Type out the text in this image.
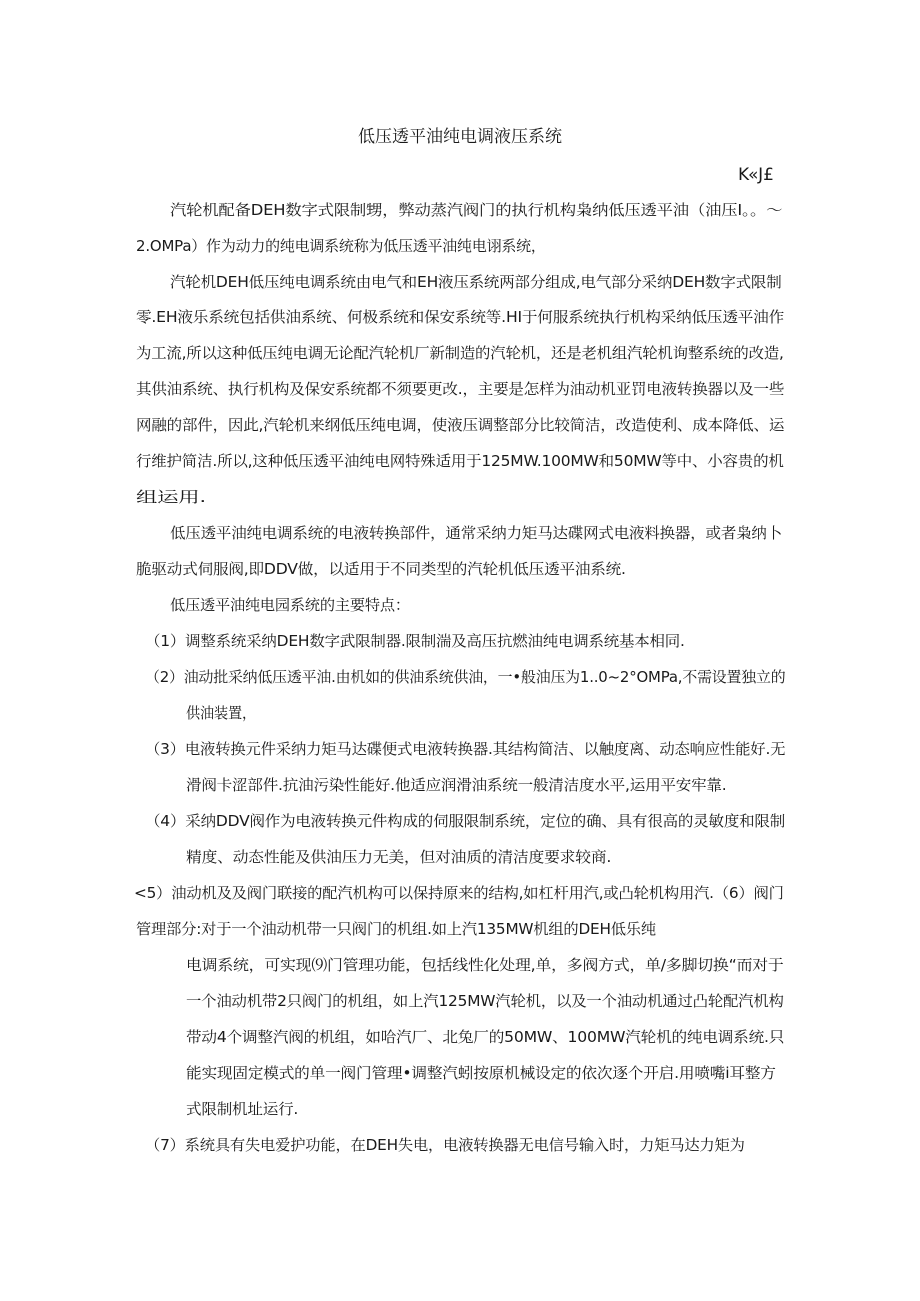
低压透平油纯电调液压系统
K«J£
汽轮机配备DEH数字式限制甥，弊动蒸汽阀门的执行机构枭纳低压透平油（油压I。。〜
2.OMPa）作为动力的纯电调系统称为低压透平油纯电诩系统，
汽轮机DEH低压纯电调系统由电气和EH液压系统两部分组成,电气部分采纳DEH数字式限制
零.EH液乐系统包括供油系统、何极系统和保安系统等.HI于何服系统执行机构采纳低压透平油作
为工流,所以这种低压纯电调无论配汽轮机厂新制造的汽轮机，还是老机组汽轮机询整系统的改造,
其供油系统、执行机构及保安系统都不须要更改.，主要是怎样为油动机亚罚电液转换器以及一些
网融的部件，因此,汽轮机来纲低压纯电调，使液压调整部分比较简洁，改造使利、成本降低、运
行维护简洁.所以,这种低压透平油纯电网特殊适用于125MW.100MW和50MW等中、小容贵的机
组运用.
低压透平油纯电调系统的电液转换部件，通常采纳力矩马达碟网式电液料换器，或者枭纳卜
脆驱动式伺服阀,即DDV做，以适用于不同类型的汽轮机低压透平油系统.
低压透平油纯电园系统的主要特点：
（1）调整系统采纳DEH数字武限制器.限制湍及高压抗燃油纯电调系统基本相同.
（2）油动批采纳低压透平油.由机如的供油系统供油，一•般油压为1..0~2°OMPa,不需设置独立的
供油装置，
（3）电液转换元件采纳力矩马达碟便式电液转换器.其结构简洁、以触度离、动态响应性能好.无
滑阀卡涩部件.抗油污染性能好.他适应润滑油系统一般清洁度水平,运用平安牢靠.
（4）采纳DDV阀作为电液转换元件构成的伺服限制系统，定位的确、具有很高的灵敏度和限制
精度、动态性能及供油压力无美，但对油质的清洁度要求较商.
<5）油动机及及阀门联接的配汽机构可以保持原来的结构,如杠杆用汽,或凸轮机构用汽.（6）阀门
管理部分:对于一个油动机带一只阀门的机组.如上汽135MW机组的DEH低乐纯
电调系统，可实现⑼门管理功能，包括线性化处理,单，多阀方式，单/多脚切换“而对于
一个油动机带2只阀门的机组，如上汽125MW汽轮机，以及一个油动机通过凸轮配汽机构
带动4个调整汽阀的机组，如哈汽厂、北兔厂的50MW、100MW汽轮机的纯电调系统.只
能实现固定模式的单一阀门管理•调整汽蚓按原机械设定的依次逐个开启.用喷嘴i耳整方
式限制机址运行.
（7）系统具有失电爱护功能，在DEH失电，电液转换器无电信号输入时，力矩马达力矩为
